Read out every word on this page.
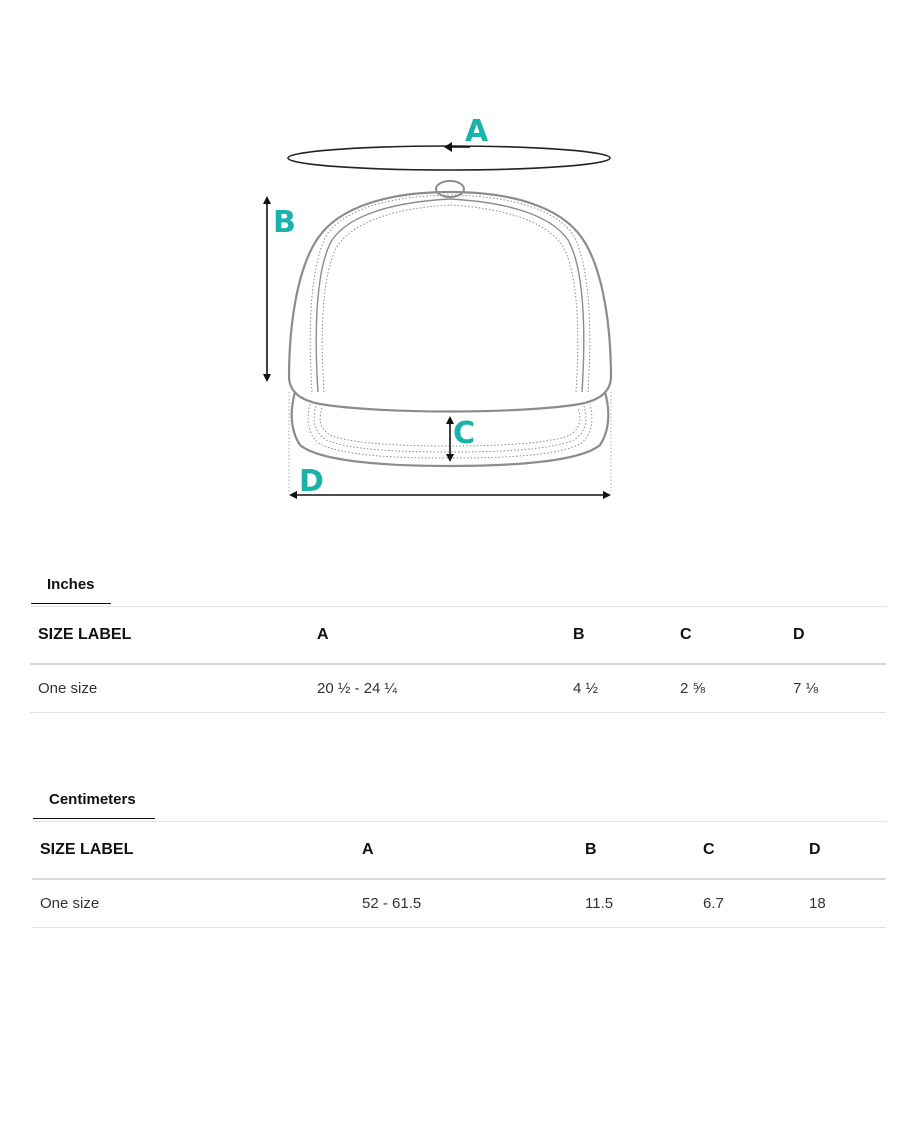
A
B
C
D
Inches
SIZE LABEL	A	B	C	D
One size	20 ½ - 24 ¼	4 ½	2 ⅝	7 ⅛
Centimeters
SIZE LABEL	A	B	C	D
One size	52 - 61.5	11.5	6.7	18
